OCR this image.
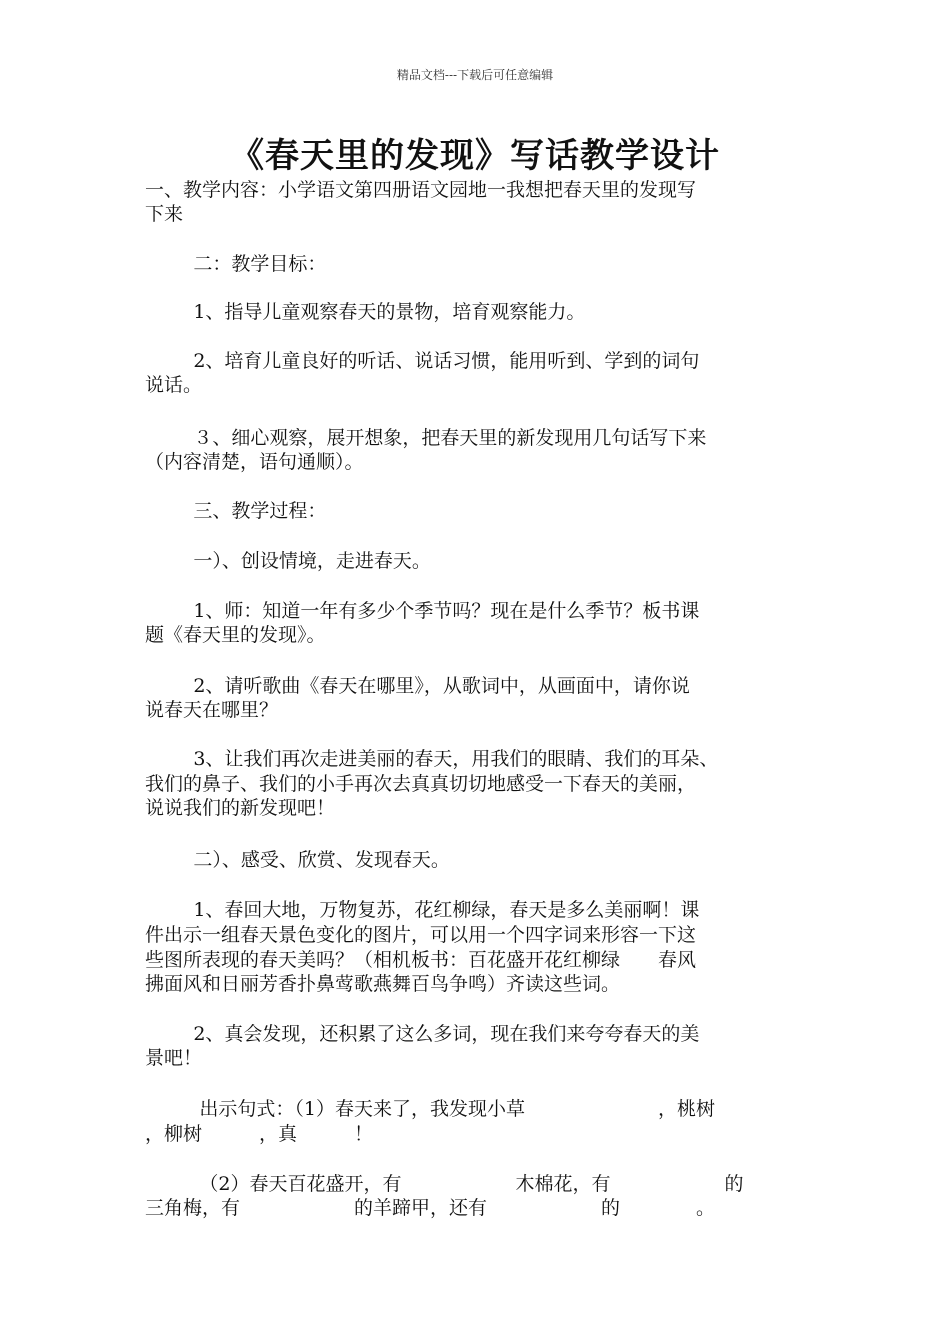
精品文档---下载后可任意编辑
《春天里的发现》写话教学设计
一、教学内容：小学语文第四册语文园地一我想把春天里的发现写
下来
二：教学目标：
1、指导儿童观察春天的景物，培育观察能力。
2、培育儿童良好的听话、说话习惯，能用听到、学到的词句
说话。
３、细心观察，展开想象，把春天里的新发现用几句话写下来
（内容清楚，语句通顺）。
三、教学过程：
一）、创设情境，走进春天。
1、师：知道一年有多少个季节吗？现在是什么季节？板书课
题《春天里的发现》。
2、请听歌曲《春天在哪里》，从歌词中，从画面中，请你说
说春天在哪里？
3、让我们再次走进美丽的春天，用我们的眼睛、我们的耳朵、
我们的鼻子、我们的小手再次去真真切切地感受一下春天的美丽，
说说我们的新发现吧！
二）、感受、欣赏、发现春天。
1、春回大地，万物复苏，花红柳绿，春天是多么美丽啊！课
件出示一组春天景色变化的图片，可以用一个四字词来形容一下这
些图所表现的春天美吗？（相机板书：百花盛开花红柳绿　　春风
拂面风和日丽芳香扑鼻莺歌燕舞百鸟争鸣）齐读这些词。
2、真会发现，还积累了这么多词，现在我们来夸夸春天的美
景吧！
出示句式：（1）春天来了，我发现小草　　　　　　　，桃树
，柳树　　　，真　　　！
（2）春天百花盛开，有　　　　　　木棉花，有　　　　　　的
三角梅，有　　　　　　的羊蹄甲，还有　　　　　　的　　　　。
